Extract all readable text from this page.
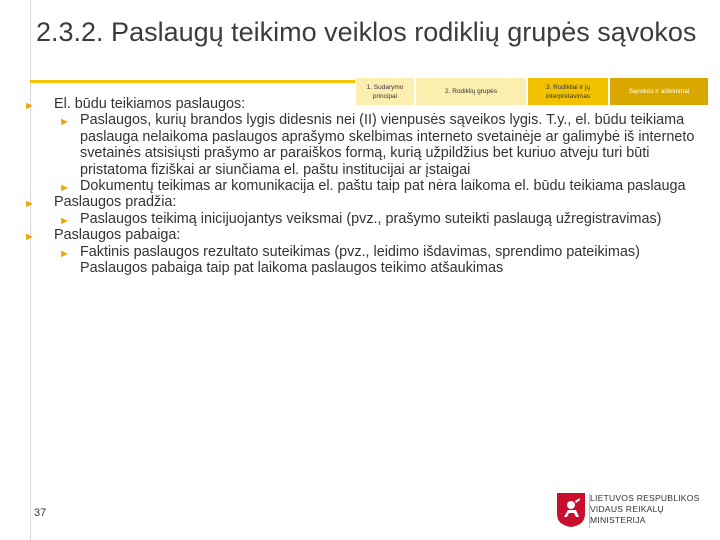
2.3.2. Paslaugų teikimo veiklos rodiklių grupės sąvokos
1. Sudarymo principai
2. Rodiklių grupės
3. Rodikliai ir jų interpretavimas
Sąvokos ir aiškinimai
► El. būdu teikiamos paslaugos:
► Paslaugos, kurių brandos lygis didesnis nei (II) vienpusės sąveikos lygis. T.y., el. būdu teikiama paslauga nelaikoma paslaugos aprašymo skelbimas interneto svetainėje ar galimybė iš interneto svetainės atsisiųsti prašymo ar paraiškos formą, kurią užpildžius bet kuriuo atveju turi būti pristatoma fiziškai ar siunčiama el. paštu institucijai ar įstaigai
► Dokumentų teikimas ar komunikacija el. paštu taip pat nėra laikoma el. būdu teikiama paslauga
► Paslaugos pradžia:
► Paslaugos teikimą inicijuojantys veiksmai (pvz., prašymo suteikti paslaugą užregistravimas)
► Paslaugos pabaiga:
► Faktinis paslaugos rezultato suteikimas (pvz., leidimo išdavimas, sprendimo pateikimas) Paslaugos pabaiga taip pat laikoma paslaugos teikimo atšaukimas
37
LIETUVOS RESPUBLIKOS
VIDAUS REIKALŲ
MINISTERIJA
